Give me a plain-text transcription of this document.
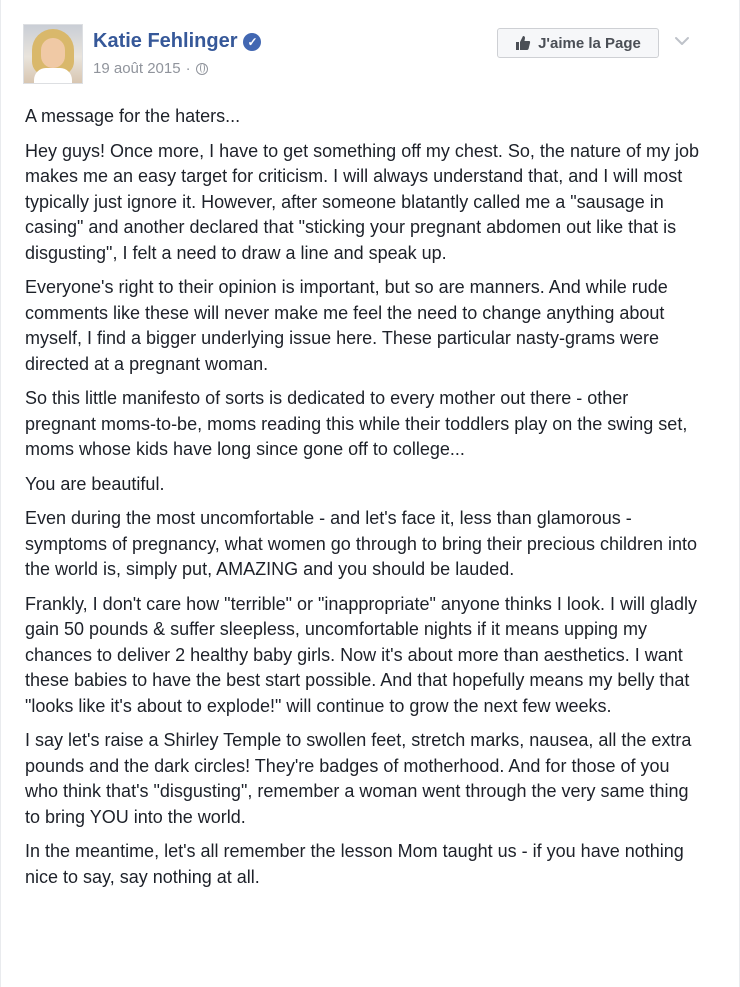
Katie Fehlinger ✓
19 août 2015 ·
J'aime la Page

A message for the haters...

Hey guys! Once more, I have to get something off my chest. So, the nature of my job makes me an easy target for criticism. I will always understand that, and I will most typically just ignore it. However, after someone blatantly called me a "sausage in casing" and another declared that "sticking your pregnant abdomen out like that is disgusting", I felt a need to draw a line and speak up.

Everyone's right to their opinion is important, but so are manners. And while rude comments like these will never make me feel the need to change anything about myself, I find a bigger underlying issue here. These particular nasty-grams were directed at a pregnant woman.

So this little manifesto of sorts is dedicated to every mother out there - other pregnant moms-to-be, moms reading this while their toddlers play on the swing set, moms whose kids have long since gone off to college...

You are beautiful.

Even during the most uncomfortable - and let's face it, less than glamorous - symptoms of pregnancy, what women go through to bring their precious children into the world is, simply put, AMAZING and you should be lauded.

Frankly, I don't care how "terrible" or "inappropriate" anyone thinks I look. I will gladly gain 50 pounds & suffer sleepless, uncomfortable nights if it means upping my chances to deliver 2 healthy baby girls. Now it's about more than aesthetics. I want these babies to have the best start possible. And that hopefully means my belly that "looks like it's about to explode!" will continue to grow the next few weeks.

I say let's raise a Shirley Temple to swollen feet, stretch marks, nausea, all the extra pounds and the dark circles! They're badges of motherhood. And for those of you who think that's "disgusting", remember a woman went through the very same thing to bring YOU into the world.

In the meantime, let's all remember the lesson Mom taught us - if you have nothing nice to say, say nothing at all.
